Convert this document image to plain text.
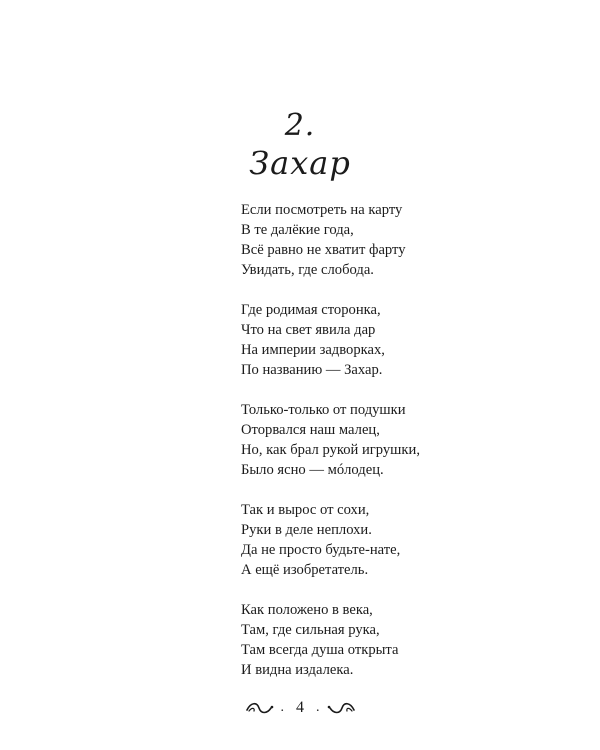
2.
Захар
Если посмотреть на карту
В те далёкие года,
Всё равно не хватит фарту
Увидать, где слобода.
Где родимая сторонка,
Что на свет явила дар
На империи задворках,
По названию — Захар.
Только-только от подушки
Оторвался наш малец,
Но, как брал рукой игрушки,
Было ясно — мóлодец.
Так и вырос от сохи,
Руки в деле неплохи.
Да не просто будьте-нате,
А ещё изобретатель.
Как положено в века,
Там, где сильная рука,
Там всегда душа открыта
И видна издалека.
. 4 .
